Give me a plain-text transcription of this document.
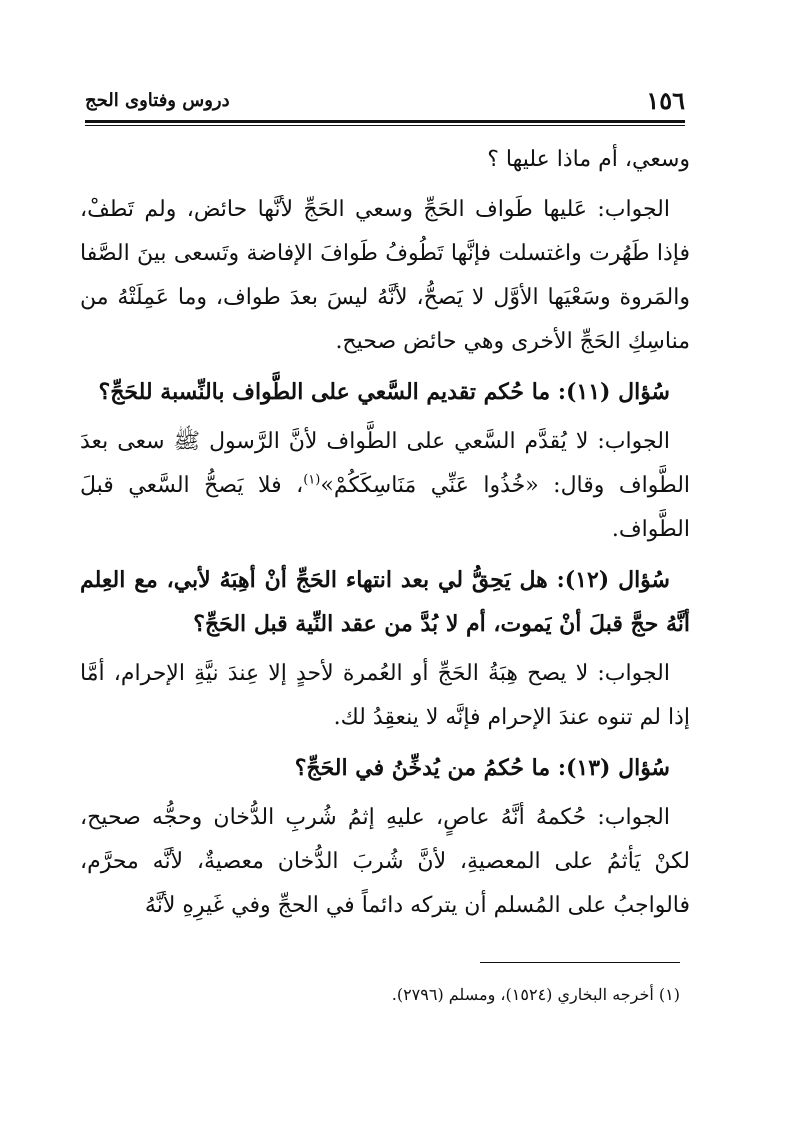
١٥٦
دروس وفتاوى الحج

وسعي، أم ماذا عليها ؟

الجواب: عَليها طَواف الحَجِّ وسعي الحَجِّ لأنَّها حائض، ولم تَطفْ، فإذا طَهُرت واغتسلت فإنَّها تَطُوفُ طَوافَ الإفاضة وتَسعى بينَ الصَّفا والمَروة وسَعْيَها الأوَّل لا يَصحُّ، لأنَّهُ ليسَ بعدَ طواف، وما عَمِلَتْهُ من مناسِكِ الحَجِّ الأخرى وهي حائض صحيح.

سُؤال (١١): ما حُكم تقديم السَّعي على الطَّواف بالنِّسبة للحَجِّ؟

الجواب: لا يُقدَّم السَّعي على الطَّواف لأنَّ الرَّسول ﷺ سعى بعدَ الطَّواف وقال: «خُذُوا عَنِّي مَنَاسِكَكُمْ»$^{(١)}$، فلا يَصحُّ السَّعي قبلَ الطَّواف.

سُؤال (١٢): هل يَحِقُّ لي بعد انتهاء الحَجِّ أنْ أهِبَهُ لأبي، مع العِلم أنَّهُ حجَّ قبلَ أنْ يَموت، أم لا بُدَّ من عقد النِّية قبل الحَجِّ؟

الجواب: لا يصح هِبَةُ الحَجِّ أو العُمرة لأحدٍ إلا عِندَ نيَّةِ الإحرام، أمَّا إذا لم تنوه عندَ الإحرام فإنَّه لا ينعقِدُ لك.

سُؤال (١٣): ما حُكمُ من يُدخِّنُ في الحَجِّ؟

الجواب: حُكمهُ أنَّهُ عاصٍ، عليهِ إثمُ شُربِ الدُّخان وحجُّه صحيح، لكنْ يَأثمُ على المعصيةِ، لأنَّ شُربَ الدُّخان معصيةٌ، لأنَّه محرَّم، فالواجبُ على المُسلم أن يتركه دائماً في الحجِّ وفي غَيرِهِ لأنَّهُ

(١) أخرجه البخاري (١٥٢٤)، ومسلم (٢٧٩٦).
